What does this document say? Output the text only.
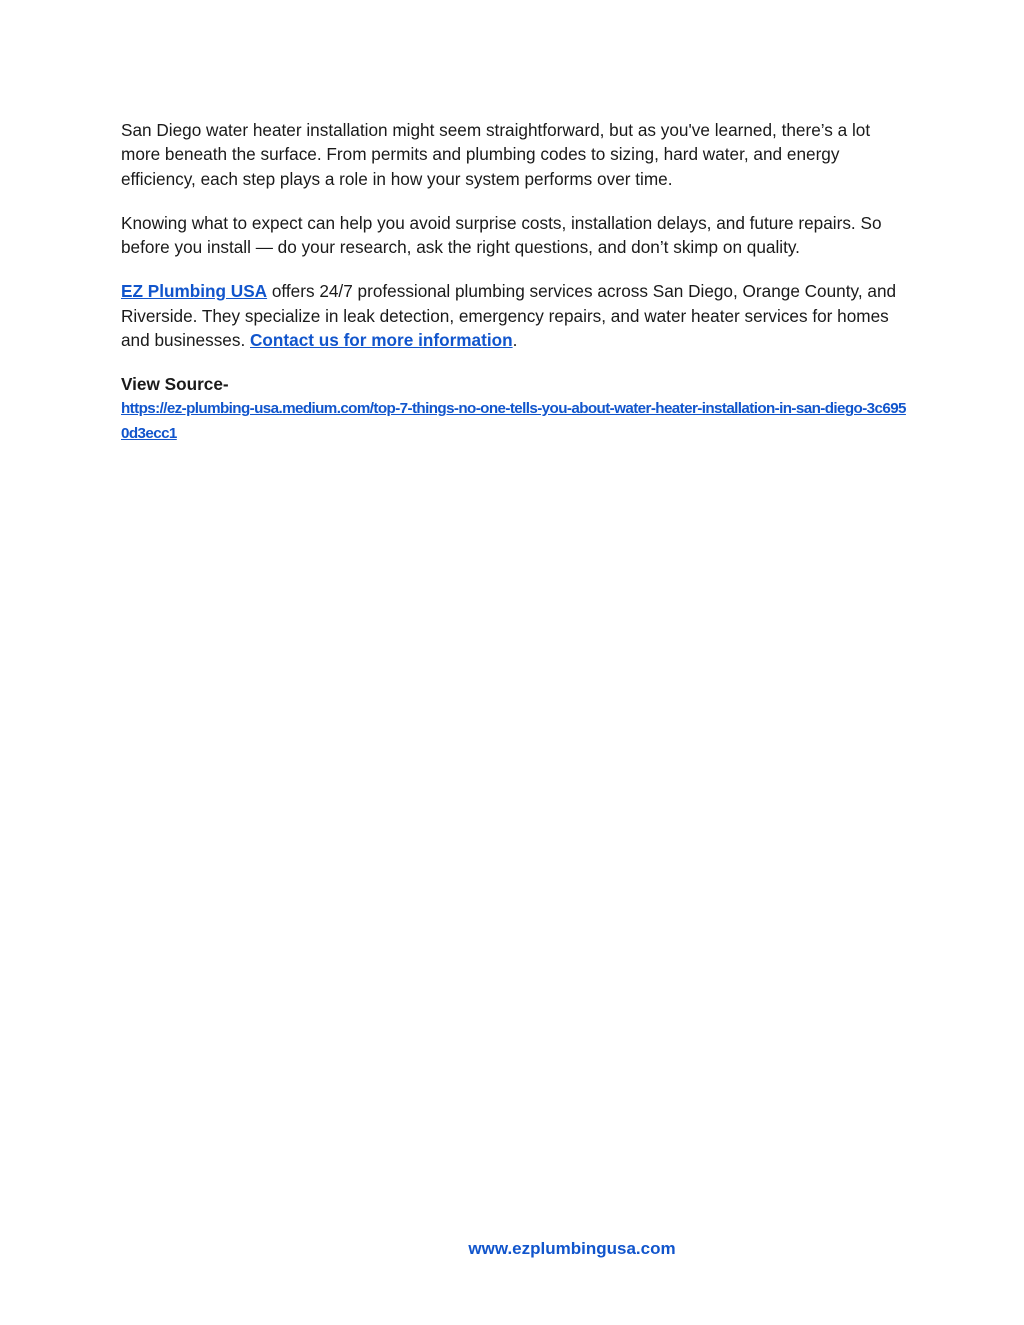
San Diego water heater installation might seem straightforward, but as you've learned, there’s a lot more beneath the surface. From permits and plumbing codes to sizing, hard water, and energy efficiency, each step plays a role in how your system performs over time.

Knowing what to expect can help you avoid surprise costs, installation delays, and future repairs. So before you install — do your research, ask the right questions, and don’t skimp on quality.

EZ Plumbing USA offers 24/7 professional plumbing services across San Diego, Orange County, and Riverside. They specialize in leak detection, emergency repairs, and water heater services for homes and businesses. Contact us for more information.

View Source-
https://ez-plumbing-usa.medium.com/top-7-things-no-one-tells-you-about-water-heater-installation-in-san-diego-3c6950d3ecc1
www.ezplumbingusa.com
